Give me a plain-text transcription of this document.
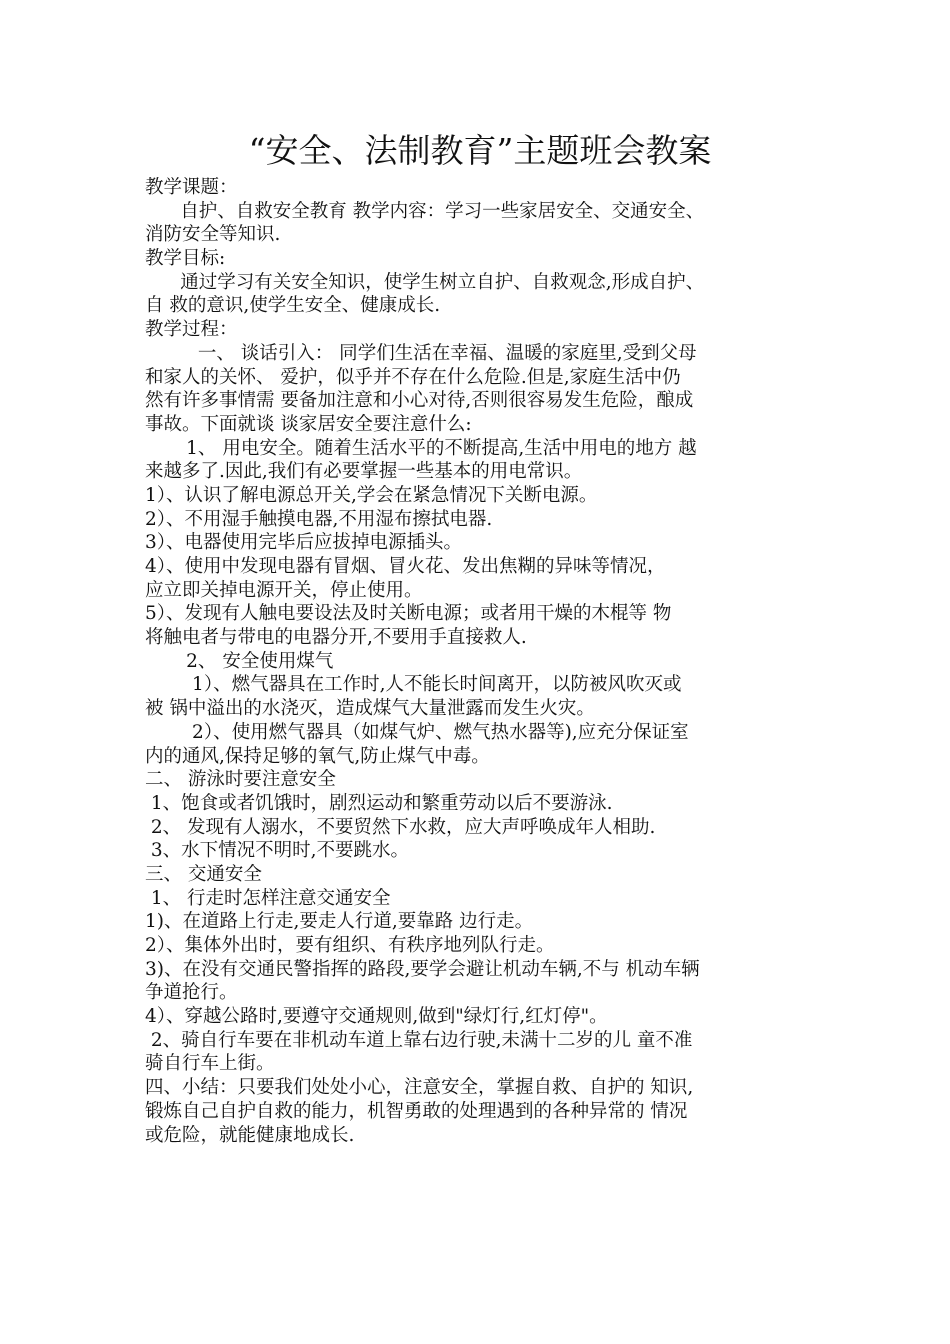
“安全、法制教育”主题班会教案
教学课题：
自护、自救安全教育 教学内容：学习一些家居安全、交通安全、
消防安全等知识.
教学目标:
通过学习有关安全知识，使学生树立自护、自救观念,形成自护、
自 救的意识,使学生安全、健康成长.
教学过程：
一、 谈话引入： 同学们生活在幸福、温暖的家庭里,受到父母
和家人的关怀、 爱护，似乎并不存在什么危险.但是,家庭生活中仍
然有许多事情需 要备加注意和小心对待,否则很容易发生危险，酿成
事故。下面就谈 谈家居安全要注意什么:
1、 用电安全。随着生活水平的不断提高,生活中用电的地方 越
来越多了.因此,我们有必要掌握一些基本的用电常识。
1）、认识了解电源总开关,学会在紧急情况下关断电源。
2）、不用湿手触摸电器,不用湿布擦拭电器.
3）、电器使用完毕后应拔掉电源插头。
4）、使用中发现电器有冒烟、冒火花、发出焦糊的异味等情况，
应立即关掉电源开关，停止使用。
5）、发现有人触电要设法及时关断电源；或者用干燥的木棍等 物
将触电者与带电的电器分开,不要用手直接救人.
2、 安全使用煤气
1）、燃气器具在工作时,人不能长时间离开，以防被风吹灭或
被 锅中溢出的水浇灭，造成煤气大量泄露而发生火灾。
2）、使用燃气器具（如煤气炉、燃气热水器等),应充分保证室
内的通风,保持足够的氧气,防止煤气中毒。
二、 游泳时要注意安全
1、饱食或者饥饿时，剧烈运动和繁重劳动以后不要游泳.
2、 发现有人溺水，不要贸然下水救，应大声呼唤成年人相助.
3、水下情况不明时,不要跳水。
三、 交通安全
1、 行走时怎样注意交通安全
1)、在道路上行走,要走人行道,要靠路 边行走。
2）、集体外出时，要有组织、有秩序地列队行走。
3)、在没有交通民警指挥的路段,要学会避让机动车辆,不与 机动车辆
争道抢行。
4）、穿越公路时,要遵守交通规则,做到"绿灯行,红灯停"。
2、骑自行车要在非机动车道上靠右边行驶,未满十二岁的儿 童不准
骑自行车上街。
四、小结：只要我们处处小心，注意安全，掌握自救、自护的 知识,
锻炼自己自护自救的能力，机智勇敢的处理遇到的各种异常的 情况
或危险，就能健康地成长.
